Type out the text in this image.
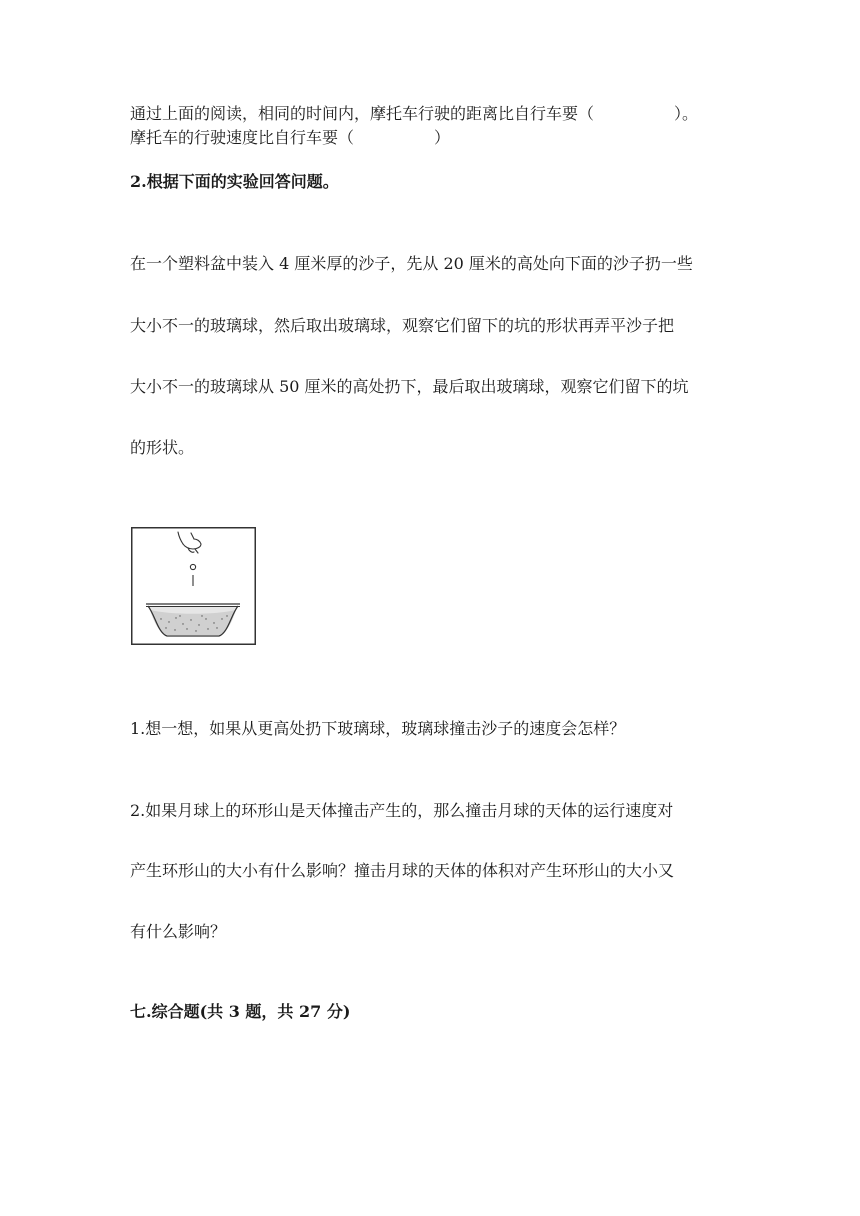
通过上面的阅读，相同的时间内，摩托车行驶的距离比自行车要（	）。
摩托车的行驶速度比自行车要（	）
2.根据下面的实验回答问题。
在一个塑料盆中装入 4 厘米厚的沙子，先从 20 厘米的高处向下面的沙子扔一些
大小不一的玻璃球，然后取出玻璃球，观察它们留下的坑的形状再弄平沙子把
大小不一的玻璃球从 50 厘米的高处扔下，最后取出玻璃球，观察它们留下的坑
的形状。
1.想一想，如果从更高处扔下玻璃球，玻璃球撞击沙子的速度会怎样？
2.如果月球上的环形山是天体撞击产生的，那么撞击月球的天体的运行速度对
产生环形山的大小有什么影响？撞击月球的天体的体积对产生环形山的大小又
有什么影响？
七.综合题(共 3 题，共 27 分)
